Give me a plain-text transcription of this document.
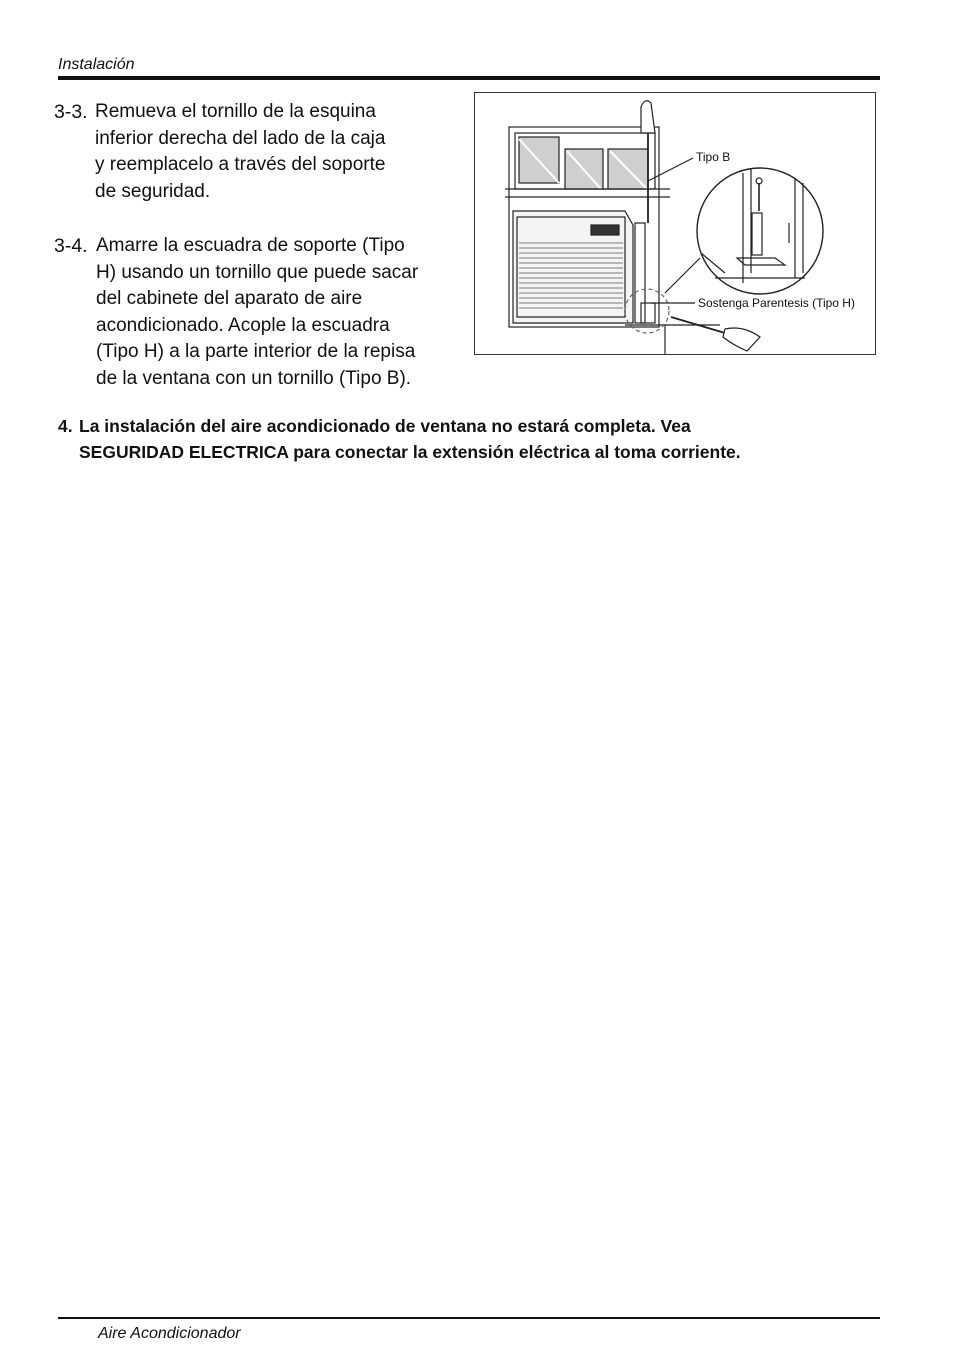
Instalación
3-3. Remueva el tornillo de la esquina
inferior derecha del lado de la caja
y reemplacelo a través del soporte
de seguridad.
3-4. Amarre la escuadra de soporte (Tipo
H) usando un tornillo que puede sacar
del cabinete del aparato de aire
acondicionado. Acople la escuadra
(Tipo H) a la parte interior de la repisa
de la ventana con un tornillo (Tipo B).
Tipo B
Sostenga Parentesis (Tipo H)
4. La instalación del aire acondicionado de ventana no estará completa. Vea
SEGURIDAD ELECTRICA para conectar la extensión eléctrica al toma corriente.
Aire Acondicionador
